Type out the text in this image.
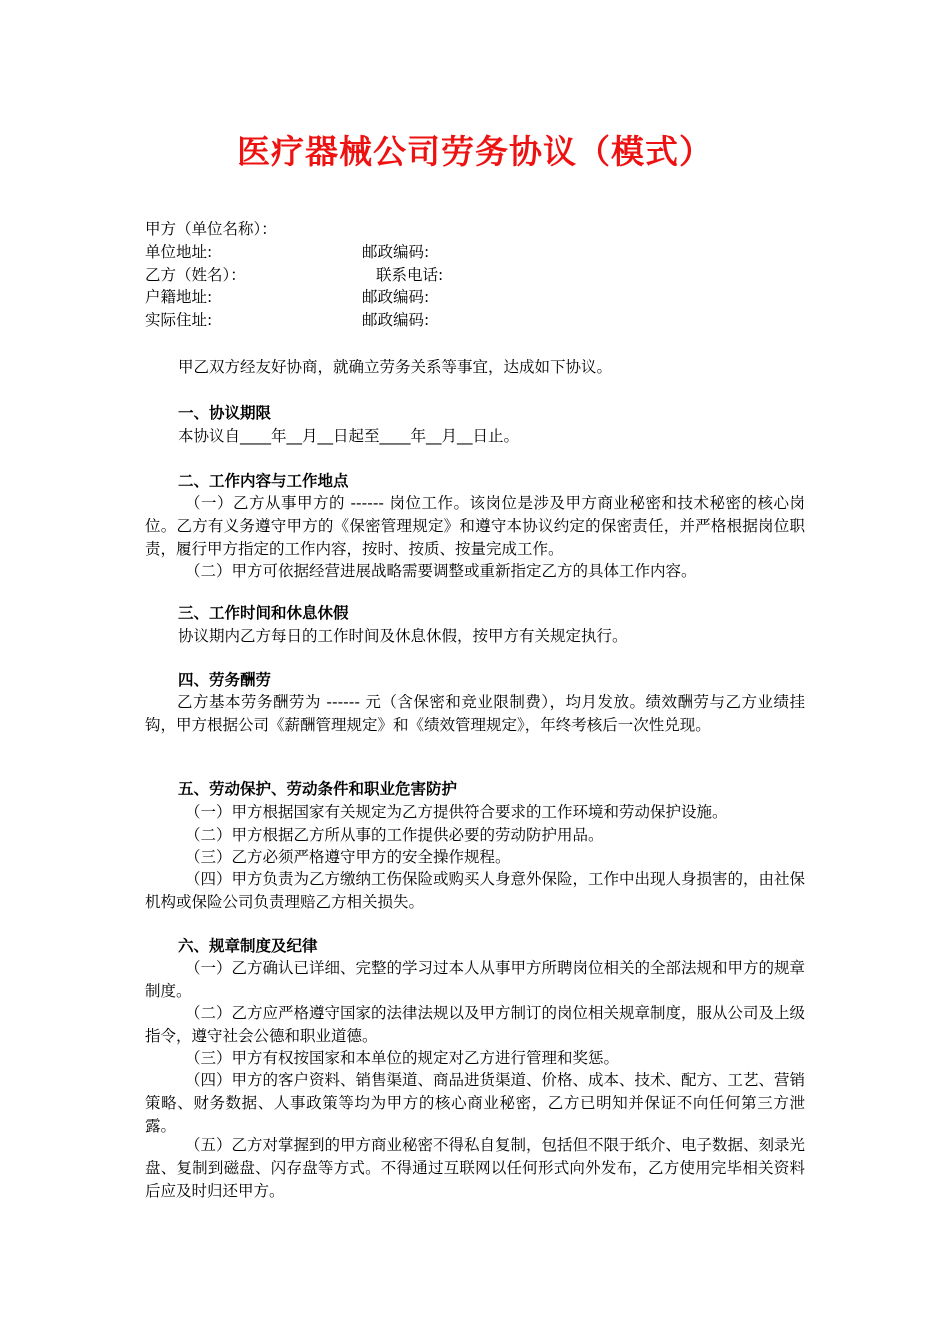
医疗器械公司劳务协议（模式）
甲方（单位名称）：
单位地址:	邮政编码:
乙方（姓名）：	联系电话:
户籍地址:	邮政编码:
实际住址:	邮政编码:
甲乙双方经友好协商，就确立劳务关系等事宜，达成如下协议。
一、协议期限
本协议自____年__月__日起至____年__月__日止。
二、工作内容与工作地点
（一）乙方从事甲方的 ------ 岗位工作。该岗位是涉及甲方商业秘密和技术秘密的核心岗位。乙方有义务遵守甲方的《保密管理规定》和遵守本协议约定的保密责任，并严格根据岗位职责，履行甲方指定的工作内容，按时、按质、按量完成工作。
（二）甲方可依据经营进展战略需要调整或重新指定乙方的具体工作内容。
三、工作时间和休息休假
协议期内乙方每日的工作时间及休息休假，按甲方有关规定执行。
四、劳务酬劳
乙方基本劳务酬劳为 ------ 元（含保密和竞业限制费），均月发放。绩效酬劳与乙方业绩挂钩，甲方根据公司《薪酬管理规定》和《绩效管理规定》，年终考核后一次性兑现。
五、劳动保护、劳动条件和职业危害防护
（一）甲方根据国家有关规定为乙方提供符合要求的工作环境和劳动保护设施。
（二）甲方根据乙方所从事的工作提供必要的劳动防护用品。
（三）乙方必须严格遵守甲方的安全操作规程。
（四）甲方负责为乙方缴纳工伤保险或购买人身意外保险，工作中出现人身损害的，由社保机构或保险公司负责理赔乙方相关损失。
六、规章制度及纪律
（一）乙方确认已详细、完整的学习过本人从事甲方所聘岗位相关的全部法规和甲方的规章制度。
（二）乙方应严格遵守国家的法律法规以及甲方制订的岗位相关规章制度，服从公司及上级指令，遵守社会公德和职业道德。
（三）甲方有权按国家和本单位的规定对乙方进行管理和奖惩。
（四）甲方的客户资料、销售渠道、商品进货渠道、价格、成本、技术、配方、工艺、营销策略、财务数据、人事政策等均为甲方的核心商业秘密，乙方已明知并保证不向任何第三方泄露。
（五）乙方对掌握到的甲方商业秘密不得私自复制，包括但不限于纸介、电子数据、刻录光盘、复制到磁盘、闪存盘等方式。不得通过互联网以任何形式向外发布，乙方使用完毕相关资料后应及时归还甲方。
